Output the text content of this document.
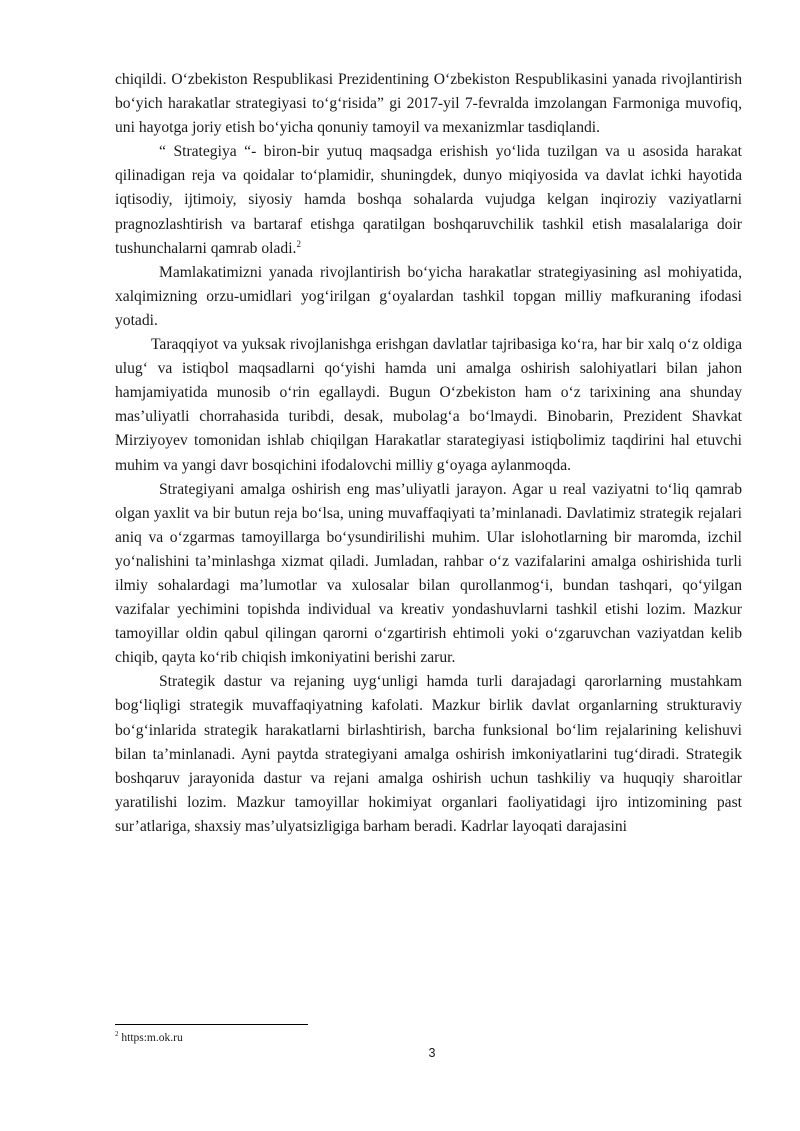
chiqildi. O‘zbekiston Respublikasi Prezidentining O‘zbekiston Respublikasini yanada rivojlantirish bo‘yich harakatlar strategiyasi to‘g‘risida” gi 2017-yil 7-fevralda imzolangan Farmoniga muvofiq, uni hayotga joriy etish bo‘yicha qonuniy tamoyil va mexanizmlar tasdiqlandi.

“ Strategiya “- biron-bir yutuq maqsadga erishish yo‘lida tuzilgan va u asosida harakat qilinadigan reja va qoidalar to‘plamidir, shuningdek, dunyo miqiyosida va davlat ichki hayotida iqtisodiy, ijtimoiy, siyosiy hamda boshqa sohalarda vujudga kelgan inqiroziy vaziyatlarni pragnozlashtirish va bartaraf etishga qaratilgan boshqaruvchilik tashkil etish masalalariga doir tushunchalarni qamrab oladi.$^2$

Mamlakatimizni yanada rivojlantirish bo‘yicha harakatlar strategiyasining asl mohiyatida, xalqimizning orzu-umidlari yog‘irilgan g‘oyalardan tashkil topgan milliy mafkuraning ifodasi yotadi.

Taraqqiyot va yuksak rivojlanishga erishgan davlatlar tajribasiga ko‘ra, har bir xalq o‘z oldiga ulug‘ va istiqbol maqsadlarni qo‘yishi hamda uni amalga oshirish salohiyatlari bilan jahon hamjamiyatida munosib o‘rin egallaydi. Bugun O‘zbekiston ham o‘z tarixining ana shunday mas’uliyatli chorrahasida turibdi, desak, mubolag‘a bo‘lmaydi. Binobarin, Prezident Shavkat Mirziyoyev tomonidan ishlab chiqilgan Harakatlar starategiyasi istiqbolimiz taqdirini hal etuvchi muhim va yangi davr bosqichini ifodalovchi milliy g‘oyaga aylanmoqda.

Strategiyani amalga oshirish eng mas’uliyatli jarayon. Agar u real vaziyatni to‘liq qamrab olgan yaxlit va bir butun reja bo‘lsa, uning muvaffaqiyati ta’minlanadi. Davlatimiz strategik rejalari aniq va o‘zgarmas tamoyillarga bo‘ysundirilishi muhim. Ular islohotlarning bir maromda, izchil yo‘nalishini ta’minlashga xizmat qiladi. Jumladan, rahbar o‘z vazifalarini amalga oshirishida turli ilmiy sohalardagi ma’lumotlar va xulosalar bilan qurollanmog‘i, bundan tashqari, qo‘yilgan vazifalar yechimini topishda individual va kreativ yondashuvlarni tashkil etishi lozim. Mazkur tamoyillar oldin qabul qilingan qarorni o‘zgartirish ehtimoli yoki o‘zgaruvchan vaziyatdan kelib chiqib, qayta ko‘rib chiqish imkoniyatini berishi zarur.

Strategik dastur va rejaning uyg‘unligi hamda turli darajadagi qarorlarning mustahkam bog‘liqligi strategik muvaffaqiyatning kafolati. Mazkur birlik davlat organlarning strukturaviy bo‘g‘inlarida strategik harakatlarni birlashtirish, barcha funksional bo‘lim rejalarining kelishuvi bilan ta’minlanadi. Ayni paytda strategiyani amalga oshirish imkoniyatlarini tug‘diradi. Strategik boshqaruv jarayonida dastur va rejani amalga oshirish uchun tashkiliy va huquqiy sharoitlar yaratilishi lozim. Mazkur tamoyillar hokimiyat organlari faoliyatidagi ijro intizomining past sur’atlariga, shaxsiy mas’ulyatsizligiga barham beradi. Kadrlar layoqati darajasini

$^2$ https:m.ok.ru
3
